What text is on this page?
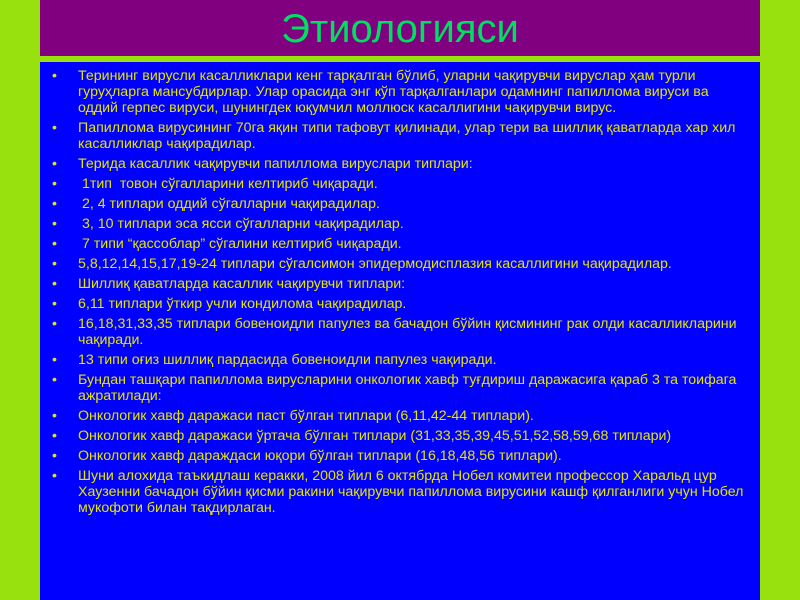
Этиологияси
• Терининг вирусли касалликлари кенг тарқалган бўлиб, уларни чақирувчи вируслар ҳам турли гуруҳларга мансубдирлар. Улар орасида энг кўп тарқалганлари одамнинг папиллома вируси ва оддий герпес вируси, шунингдек юқумчил моллюск касаллигини чақирувчи вирус.
• Папиллома вирусининг 70га яқин типи тафовут қилинади, улар тери ва шиллиқ қаватларда хар хил касалликлар чақирадилар.
• Терида касаллик чақирувчи папиллома вируслари типлари:
• 1тип  товон сўгалларини келтириб чиқаради.
• 2, 4 типлари оддий сўгалларни чақирадилар.
• 3, 10 типлари эса ясси сўгалларни чақирадилар.
• 7 типи “қассоблар” сўгалини келтириб чиқаради.
• 5,8,12,14,15,17,19-24 типлари сўгалсимон эпидермодисплазия касаллигини чақирадилар.
• Шиллиқ қаватларда касаллик чақирувчи типлари:
• 6,11 типлари ўткир учли кондилома чақирадилар.
• 16,18,31,33,35 типлари бовеноидли папулез ва бачадон бўйин қисмининг рак олди касалликларини чақиради.
• 13 типи оғиз шиллиқ пардасида бовеноидли папулез чақиради.
• Бундан ташқари папиллома вирусларини онкологик хавф туғдириш даражасига қараб 3 та тоифага ажратилади:
• Онкологик хавф даражаси паст бўлган типлари (6,11,42-44 типлари).
• Онкологик хавф даражаси ўртача бўлган типлари (31,33,35,39,45,51,52,58,59,68 типлари)
• Онкологик хавф дараждаси юқори бўлган типлари (16,18,48,56 типлари).
• Шуни алохида таъкидлаш керакки, 2008 йил 6 октябрда Нобел комитеи профессор Харальд цур Хаузенни бачадон бўйин қисми ракини чақирувчи папиллома вирусини кашф қилганлиги учун Нобел мукофоти билан тақдирлаган.
